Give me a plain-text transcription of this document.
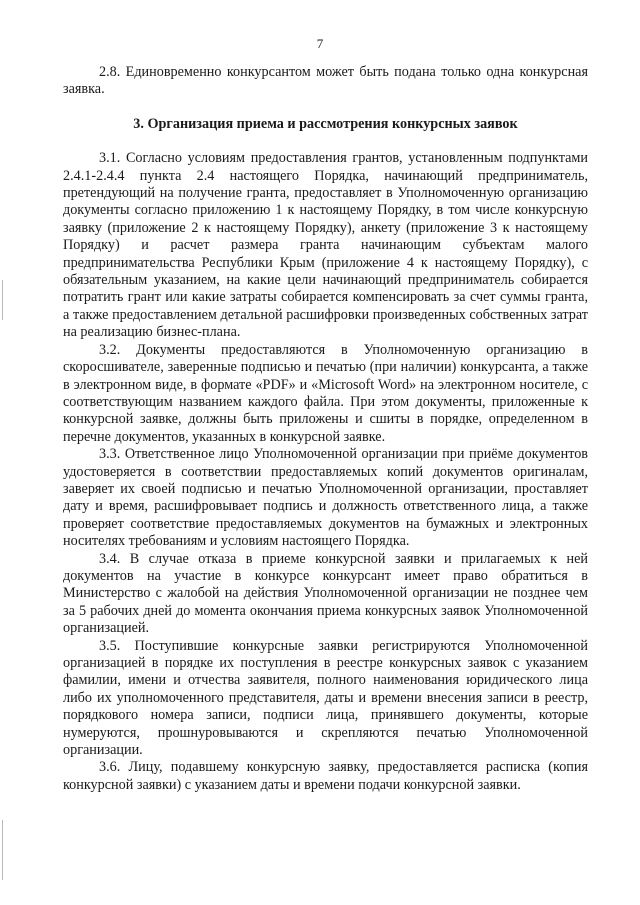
7

2.8. Единовременно конкурсантом может быть подана только одна конкурсная заявка.

3. Организация приема и рассмотрения конкурсных заявок

3.1. Согласно условиям предоставления грантов, установленным подпунктами 2.4.1-2.4.4 пункта 2.4 настоящего Порядка, начинающий предприниматель, претендующий на получение гранта, предоставляет в Уполномоченную организацию документы согласно приложению 1 к настоящему Порядку, в том числе конкурсную заявку (приложение 2 к настоящему Порядку), анкету (приложение 3 к настоящему Порядку) и расчет размера гранта начинающим субъектам малого предпринимательства Республики Крым (приложение 4 к настоящему Порядку), с обязательным указанием, на какие цели начинающий предприниматель собирается потратить грант или какие затраты собирается компенсировать за счет суммы гранта, а также предоставлением детальной расшифровки произведенных собственных затрат на реализацию бизнес-плана.

3.2. Документы предоставляются в Уполномоченную организацию в скоросшивателе, заверенные подписью и печатью (при наличии) конкурсанта, а также в электронном виде, в формате «PDF» и «Microsoft Word» на электронном носителе, с соответствующим названием каждого файла. При этом документы, приложенные к конкурсной заявке, должны быть приложены и сшиты в порядке, определенном в перечне документов, указанных в конкурсной заявке.

3.3. Ответственное лицо Уполномоченной организации при приёме документов удостоверяется в соответствии предоставляемых копий документов оригиналам, заверяет их своей подписью и печатью Уполномоченной организации, проставляет дату и время, расшифровывает подпись и должность ответственного лица, а также проверяет соответствие предоставляемых документов на бумажных и электронных носителях требованиям и условиям настоящего Порядка.

3.4. В случае отказа в приеме конкурсной заявки и прилагаемых к ней документов на участие в конкурсе конкурсант имеет право обратиться в Министерство с жалобой на действия Уполномоченной организации не позднее чем за 5 рабочих дней до момента окончания приема конкурсных заявок Уполномоченной организацией.

3.5. Поступившие конкурсные заявки регистрируются Уполномоченной организацией в порядке их поступления в реестре конкурсных заявок с указанием фамилии, имени и отчества заявителя, полного наименования юридического лица либо их уполномоченного представителя, даты и времени внесения записи в реестр, порядкового номера записи, подписи лица, принявшего документы, которые нумеруются, прошнуровываются и скрепляются печатью Уполномоченной организации.

3.6. Лицу, подавшему конкурсную заявку, предоставляется расписка (копия конкурсной заявки) с указанием даты и времени подачи конкурсной заявки.
